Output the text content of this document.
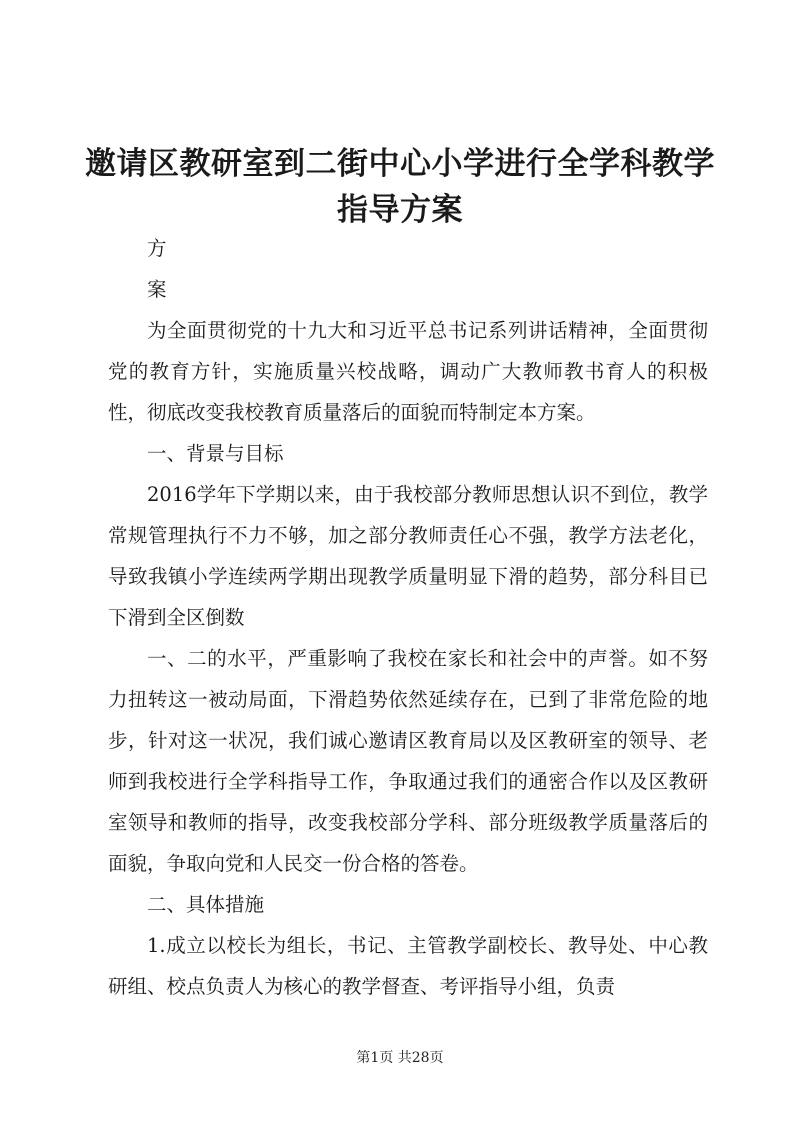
邀请区教研室到二街中心小学进行全学科教学
指导方案

方

案

为全面贯彻党的十九大和习近平总书记系列讲话精神，全面贯彻党的教育方针，实施质量兴校战略，调动广大教师教书育人的积极性，彻底改变我校教育质量落后的面貌而特制定本方案。

一、背景与目标

2016学年下学期以来，由于我校部分教师思想认识不到位，教学常规管理执行不力不够，加之部分教师责任心不强，教学方法老化，导致我镇小学连续两学期出现教学质量明显下滑的趋势，部分科目已下滑到全区倒数

一、二的水平，严重影响了我校在家长和社会中的声誉。如不努力扭转这一被动局面，下滑趋势依然延续存在，已到了非常危险的地步，针对这一状况，我们诚心邀请区教育局以及区教研室的领导、老师到我校进行全学科指导工作，争取通过我们的通密合作以及区教研室领导和教师的指导，改变我校部分学科、部分班级教学质量落后的面貌，争取向党和人民交一份合格的答卷。

二、具体措施

1.成立以校长为组长，书记、主管教学副校长、教导处、中心教研组、校点负责人为核心的教学督查、考评指导小组，负责

第1页 共28页
